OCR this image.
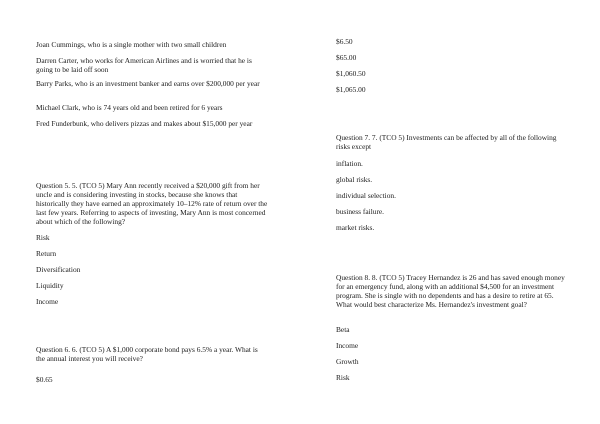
Joan Cummings, who is a single mother with two small children

Darren Carter, who works for American Airlines and is worried that he is going to be laid off soon

Barry Parks, who is an investment banker and earns over $200,000 per year

Michael Clark, who is 74 years old and been retired for 6 years

Fred Funderbunk, who delivers pizzas and makes about $15,000 per year

Question 5. 5. (TCO 5) Mary Ann recently received a $20,000 gift from her uncle and is considering investing in stocks, because she knows that historically they have earned an approximately 10–12% rate of return over the last few years. Referring to aspects of investing, Mary Ann is most concerned about which of the following?

Risk

Return

Diversification

Liquidity

Income

Question 6. 6. (TCO 5) A $1,000 corporate bond pays 6.5% a year. What is the annual interest you will receive?

$0.65

$6.50

$65.00

$1,060.50

$1,065.00

Question 7. 7. (TCO 5) Investments can be affected by all of the following risks except

inflation.

global risks.

individual selection.

business failure.

market risks.

Question 8. 8. (TCO 5) Tracey Hernandez is 26 and has saved enough money for an emergency fund, along with an additional $4,500 for an investment program. She is single with no dependents and has a desire to retire at 65. What would best characterize Ms. Hernandez's investment goal?

Beta

Income

Growth

Risk
